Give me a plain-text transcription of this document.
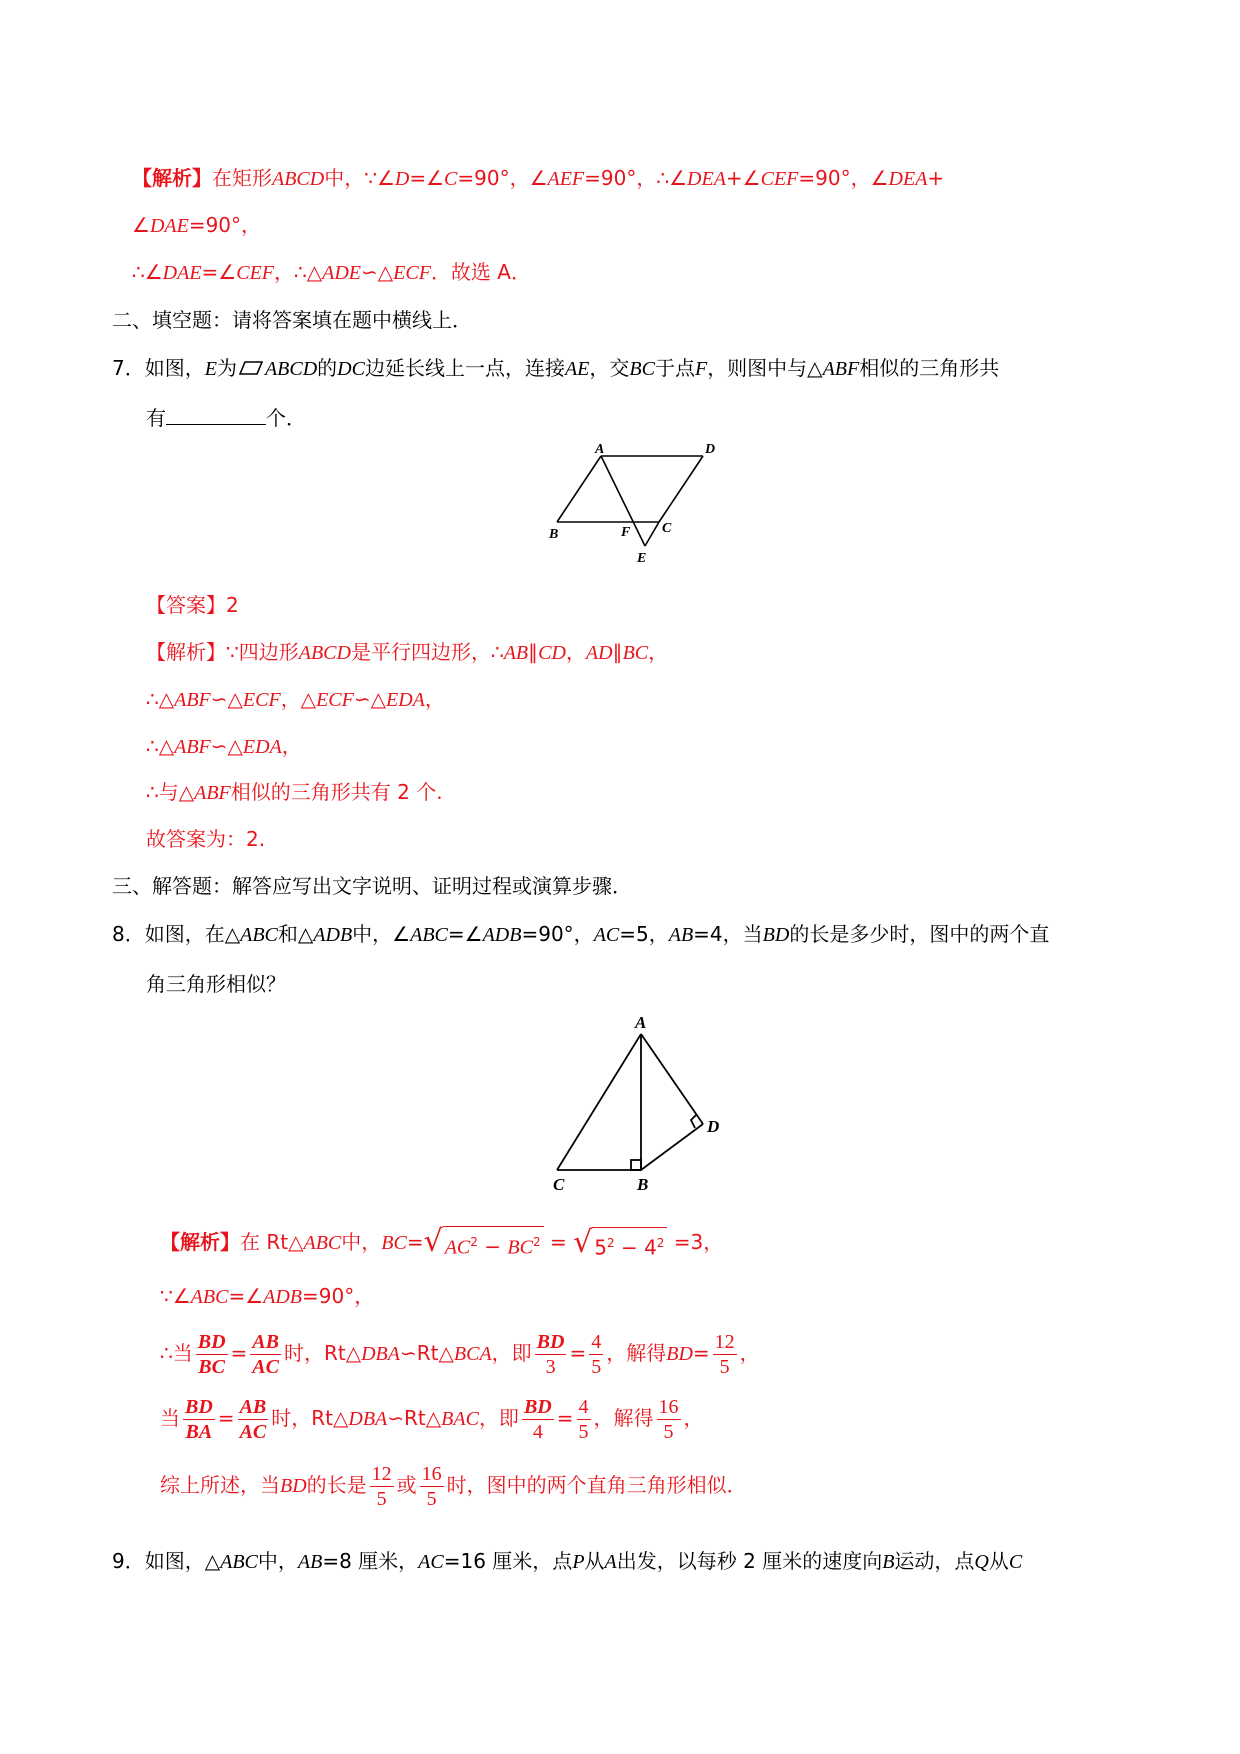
【解析】在矩形ABCD中，∵∠D=∠C=90°，∠AEF=90°，∴∠DEA+∠CEF=90°，∠DEA+
∠DAE=90°，
∴∠DAE=∠CEF，∴△ADE∽△ECF．故选 A．
二、填空题：请将答案填在题中横线上．
7．如图，E为 ABCD的DC边延长线上一点，连接AE，交BC于点F，则图中与△ABF相似的三角形共
有	个．
A	D
B	F C
E
【答案】2
【解析】∵四边形ABCD是平行四边形，∴AB∥CD，AD∥BC，
∴△ABF∽△ECF，△ECF∽△EDA，
∴△ABF∽△EDA，
∴与△ABF相似的三角形共有 2 个.
故答案为：2.
三、解答题：解答应写出文字说明、证明过程或演算步骤．
8．如图，在△ABC和△ADB中，∠ABC=∠ADB=90°，AC=5，AB=4，当BD的长是多少时，图中的两个直
角三角形相似？
A
D
C	B
【解析】在 Rt△ABC中，BC= √ $AC^2 - BC^2$ = √ $5^2 - 4^2 =3$，
∵∠ABC=∠ADB=90°，
∴当 $\frac{BD}{BC} = \frac{AB}{AC}$ 时，Rt△DBA∽Rt△BCA，即 $\frac{BD}{3} = \frac{4}{5}$ ，解得$BD= \frac{12}{5}$ ，
当 $\frac{BD}{BA} = \frac{AB}{AC}$ 时，Rt△DBA∽Rt△BAC，即 $\frac{BD}{4} = \frac{4}{5}$ ，解得 $\frac{16}{5}$ ，
综上所述，当BD的长是 $\frac{12}{5}$ 或 $\frac{16}{5}$ 时，图中的两个直角三角形相似．
9．如图，△ABC中，AB=8 厘米，AC=16 厘米，点P从A出发，以每秒 2 厘米的速度向B运动，点Q从C
